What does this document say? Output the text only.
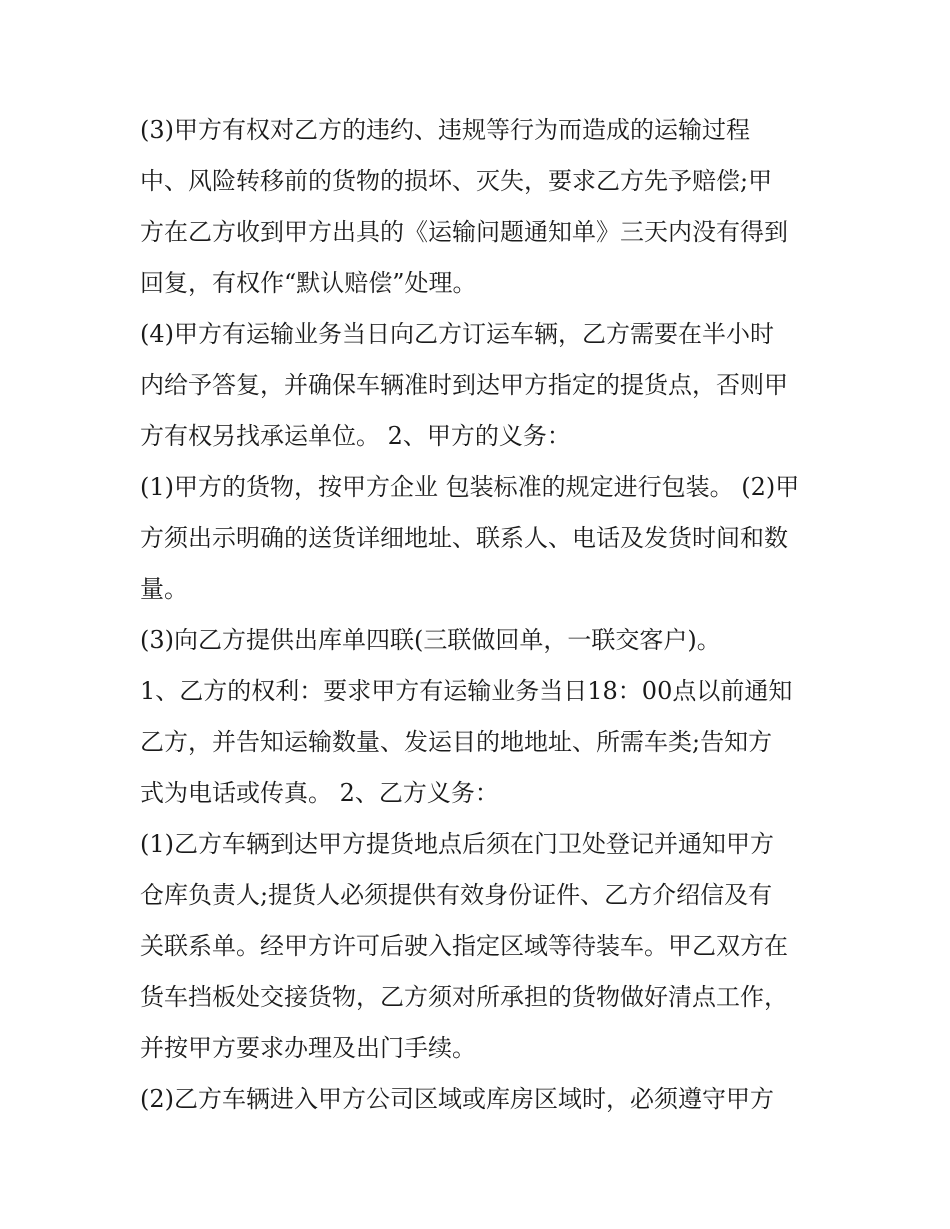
(3)甲方有权对乙方的违约、违规等行为而造成的运输过程
中、风险转移前的货物的损坏、灭失，要求乙方先予赔偿;甲
方在乙方收到甲方出具的《运输问题通知单》三天内没有得到
回复，有权作“默认赔偿”处理。
(4)甲方有运输业务当日向乙方订运车辆，乙方需要在半小时
内给予答复，并确保车辆准时到达甲方指定的提货点，否则甲
方有权另找承运单位。 2、甲方的义务：
(1)甲方的货物，按甲方企业 包装标准的规定进行包装。 (2)甲
方须出示明确的送货详细地址、联系人、电话及发货时间和数
量。
(3)向乙方提供出库单四联(三联做回单，一联交客户)。
1、乙方的权利：要求甲方有运输业务当日18：00点以前通知
乙方，并告知运输数量、发运目的地地址、所需车类;告知方
式为电话或传真。 2、乙方义务：
(1)乙方车辆到达甲方提货地点后须在门卫处登记并通知甲方
仓库负责人;提货人必须提供有效身份证件、乙方介绍信及有
关联系单。经甲方许可后驶入指定区域等待装车。甲乙双方在
货车挡板处交接货物，乙方须对所承担的货物做好清点工作，
并按甲方要求办理及出门手续。
(2)乙方车辆进入甲方公司区域或库房区域时，必须遵守甲方
